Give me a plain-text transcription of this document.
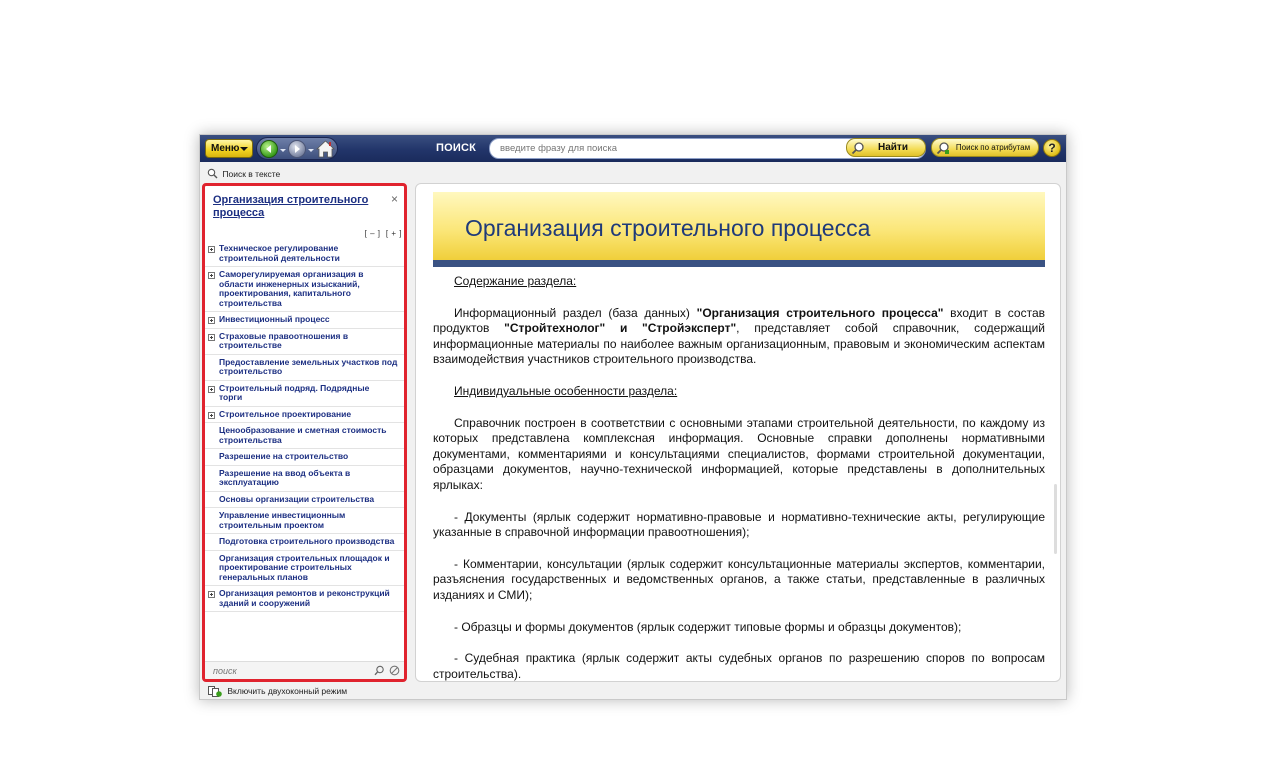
Меню	ПОИСК
введите фразу для поиска	Найти	Поиск по атрибутам	?
Поиск в тексте
Организация строительного процесса
×
[ – ]  [ + ]
Техническое регулирование
строительной деятельности
Саморегулируемая организация в
области инженерных изысканий,
проектирования, капитального
строительства
Инвестиционный процесс
Страховые правоотношения в
строительстве
Предоставление земельных участков под
строительство
Строительный подряд. Подрядные
торги
Строительное проектирование
Ценообразование и сметная стоимость
строительства
Разрешение на строительство
Разрешение на ввод объекта в
эксплуатацию
Основы организации строительства
Управление инвестиционным
строительным проектом
Подготовка строительного производства
Организация строительных площадок и
проектирование строительных
генеральных планов
Организация ремонтов и реконструкций
зданий и сооружений
поиск
Организация строительного процесса

Содержание раздела:

Информационный раздел (база данных) "Организация строительного процесса" входит в состав продуктов "Стройтехнолог" и "Стройэксперт", представляет собой справочник, содержащий информационные материалы по наиболее важным организационным, правовым и экономическим аспектам взаимодействия участников строительного производства.

Индивидуальные особенности раздела:

Справочник построен в соответствии с основными этапами строительной деятельности, по каждому из которых представлена комплексная информация. Основные справки дополнены нормативными документами, комментариями и консультациями специалистов, формами строительной документации, образцами документов, научно-технической информацией, которые представлены в дополнительных ярлыках:

- Документы (ярлык содержит нормативно-правовые и нормативно-технические акты, регулирующие указанные в справочной информации правоотношения);

- Комментарии, консультации (ярлык содержит консультационные материалы экспертов, комментарии, разъяснения государственных и ведомственных органов, а также статьи, представленные в различных изданиях и СМИ);

- Образцы и формы документов (ярлык содержит типовые формы и образцы документов);

- Судебная практика (ярлык содержит акты судебных органов по разрешению споров по вопросам строительства).

Включить двухоконный режим
